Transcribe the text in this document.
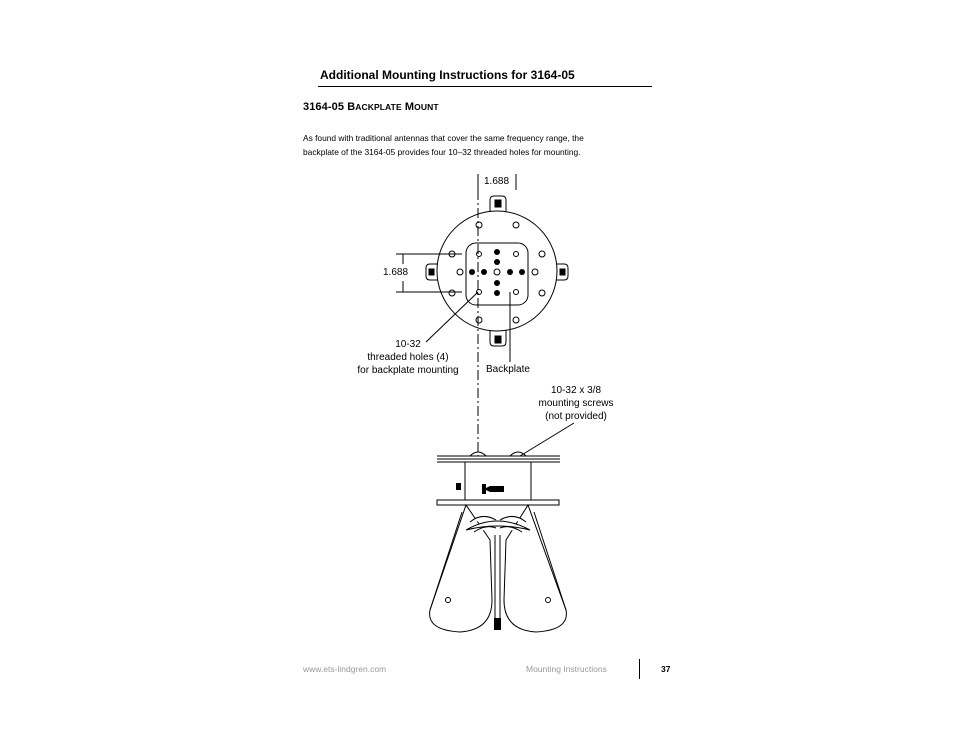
Additional Mounting Instructions for 3164-05
3164-05 BACKPLATE MOUNT

As found with traditional antennas that cover the same frequency range, the

backplate of the 3164-05 provides four 10–32 threaded holes for mounting.

1.688
1.688
10-32
threaded holes (4)
for backplate mounting	Backplate
10-32 x 3/8
mounting screws
(not provided)
www.ets-lindgren.com	Mounting Instructions	37
